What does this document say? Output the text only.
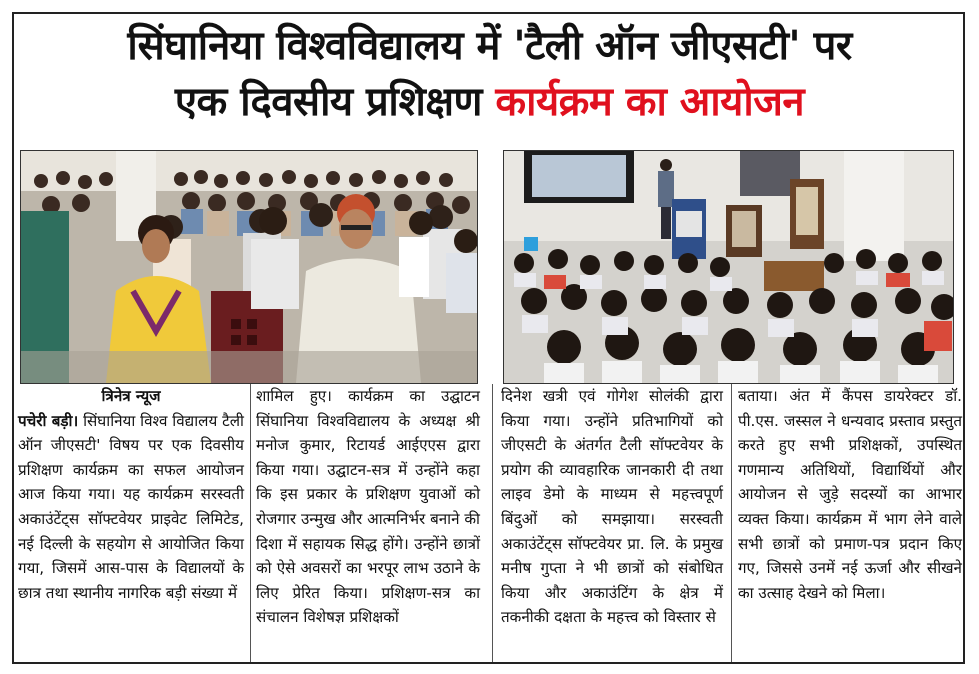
सिंघानिया विश्वविद्यालय में 'टैली ऑन जीएसटी' पर
एक दिवसीय प्रशिक्षण कार्यक्रम का आयोजन
त्रिनेत्र न्यूज
पचेरी बड़ी। सिंघानिया विश्व विद्यालय टैली ऑन जीएसटी' विषय पर एक दिवसीय प्रशिक्षण कार्यक्रम का सफल आयोजन आज किया गया। यह कार्यक्रम सरस्वती अकाउंटेंट्स सॉफ्टवेयर प्राइवेट लिमिटेड, नई दिल्ली के सहयोग से आयोजित किया गया, जिसमें आस-पास के विद्यालयों के छात्र तथा स्थानीय नागरिक बड़ी संख्या में
शामिल हुए। कार्यक्रम का उद्घाटन सिंघानिया विश्वविद्यालय के अध्यक्ष श्री मनोज कुमार, रिटायर्ड आईएएस द्वारा किया गया। उद्घाटन-सत्र में उन्होंने कहा कि इस प्रकार के प्रशिक्षण युवाओं को रोजगार उन्मुख और आत्मनिर्भर बनाने की दिशा में सहायक सिद्ध होंगे। उन्होंने छात्रों को ऐसे अवसरों का भरपूर लाभ उठाने के लिए प्रेरित किया। प्रशिक्षण-सत्र का संचालन विशेषज्ञ प्रशिक्षकों
दिनेश खत्री एवं गोगेश सोलंकी द्वारा किया गया। उन्होंने प्रतिभागियों को जीएसटी के अंतर्गत टैली सॉफ्टवेयर के प्रयोग की व्यावहारिक जानकारी दी तथा लाइव डेमो के माध्यम से महत्त्वपूर्ण बिंदुओं को समझाया। सरस्वती अकाउंटेंट्स सॉफ्टवेयर प्रा. लि. के प्रमुख मनीष गुप्ता ने भी छात्रों को संबोधित किया और अकाउंटिंग के क्षेत्र में तकनीकी दक्षता के महत्त्व को विस्तार से
बताया। अंत में कैंपस डायरेक्टर डॉ. पी.एस. जस्सल ने धन्यवाद प्रस्ताव प्रस्तुत करते हुए सभी प्रशिक्षकों, उपस्थित गणमान्य अतिथियों, विद्यार्थियों और आयोजन से जुड़े सदस्यों का आभार व्यक्त किया। कार्यक्रम में भाग लेने वाले सभी छात्रों को प्रमाण-पत्र प्रदान किए गए, जिससे उनमें नई ऊर्जा और सीखने का उत्साह देखने को मिला।
